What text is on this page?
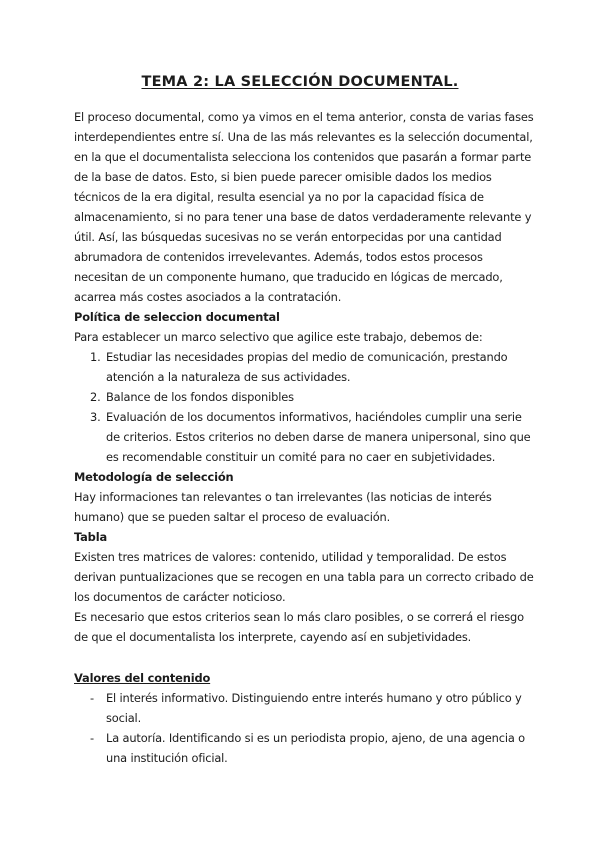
TEMA 2: LA SELECCIÓN DOCUMENTAL.

El proceso documental, como ya vimos en el tema anterior, consta de varias fases interdependientes entre sí. Una de las más relevantes es la selección documental, en la que el documentalista selecciona los contenidos que pasarán a formar parte de la base de datos. Esto, si bien puede parecer omisible dados los medios técnicos de la era digital, resulta esencial ya no por la capacidad física de almacenamiento, si no para tener una base de datos verdaderamente relevante y útil. Así, las búsquedas sucesivas no se verán entorpecidas por una cantidad abrumadora de contenidos irrevelevantes. Además, todos estos procesos necesitan de un componente humano, que traducido en lógicas de mercado, acarrea más costes asociados a la contratación.

Política de seleccion documental

Para establecer un marco selectivo que agilice este trabajo, debemos de:

1. Estudiar las necesidades propias del medio de comunicación, prestando atención a la naturaleza de sus actividades.
2. Balance de los fondos disponibles
3. Evaluación de los documentos informativos, haciéndoles cumplir una serie de criterios. Estos criterios no deben darse de manera unipersonal, sino que es recomendable constituir un comité para no caer en subjetividades.

Metodología de selección

Hay informaciones tan relevantes o tan irrelevantes (las noticias de interés humano) que se pueden saltar el proceso de evaluación.

Tabla

Existen tres matrices de valores: contenido, utilidad y temporalidad. De estos derivan puntualizaciones que se recogen en una tabla para un correcto cribado de los documentos de carácter noticioso.

Es necesario que estos criterios sean lo más claro posibles, o se correrá el riesgo de que el documentalista los interprete, cayendo así en subjetividades.

Valores del contenido

- El interés informativo. Distinguiendo entre interés humano y otro público y social.
- La autoría. Identificando si es un periodista propio, ajeno, de una agencia o una institución oficial.
